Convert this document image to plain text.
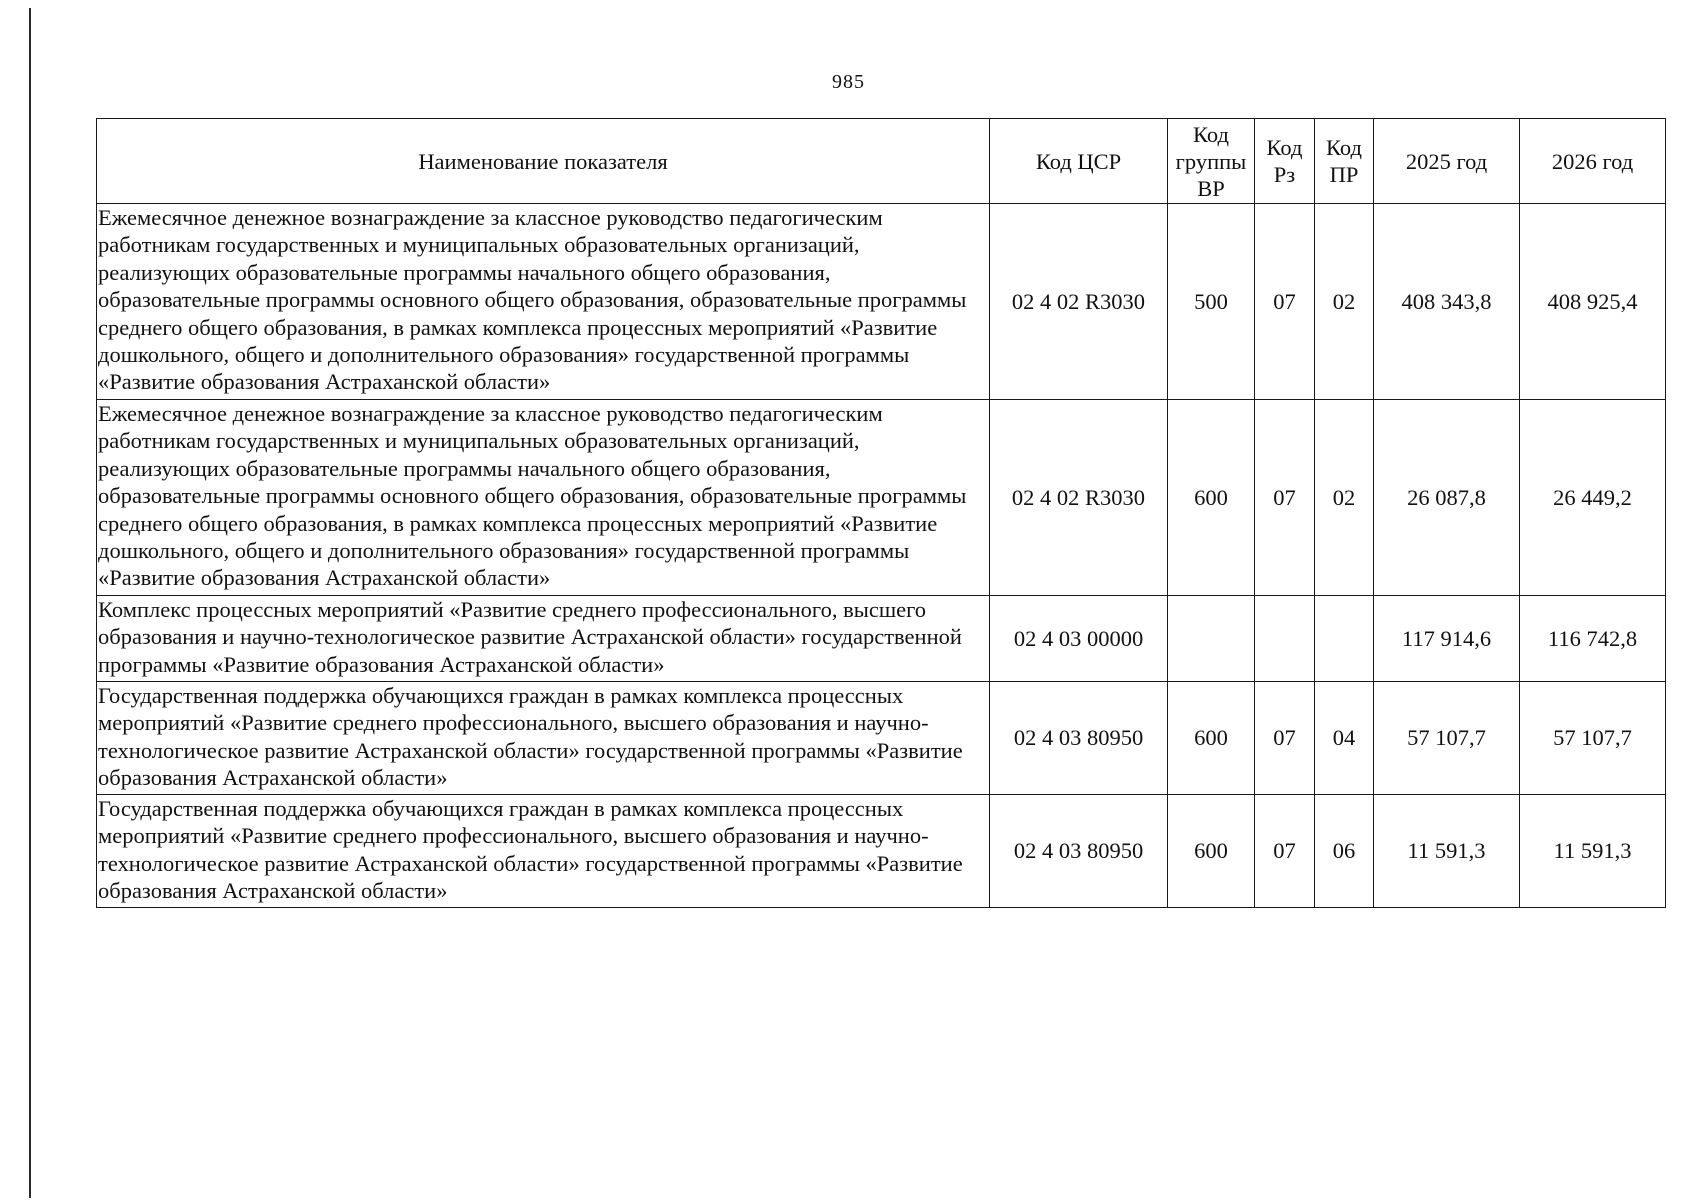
985
Наименование показателя	Код ЦСР	Код группы ВР	Код Рз	Код ПР	2025 год	2026 год
Ежемесячное денежное вознаграждение за классное руководство педагогическим работникам государственных и муниципальных образовательных организаций, реализующих образовательные программы начального общего образования, образовательные программы основного общего образования, образовательные программы среднего общего образования, в рамках комплекса процессных мероприятий «Развитие дошкольного, общего и дополнительного образования» государственной программы «Развитие образования Астраханской области»	02 4 02 R3030	500	07	02	408 343,8	408 925,4
Ежемесячное денежное вознаграждение за классное руководство педагогическим работникам государственных и муниципальных образовательных организаций, реализующих образовательные программы начального общего образования, образовательные программы основного общего образования, образовательные программы среднего общего образования, в рамках комплекса процессных мероприятий «Развитие дошкольного, общего и дополнительного образования» государственной программы «Развитие образования Астраханской области»	02 4 02 R3030	600	07	02	26 087,8	26 449,2
Комплекс процессных мероприятий «Развитие среднего профессионального, высшего образования и научно-технологическое развитие Астраханской области» государственной программы «Развитие образования Астраханской области»	02 4 03 00000				117 914,6	116 742,8
Государственная поддержка обучающихся граждан в рамках комплекса процессных мероприятий «Развитие среднего профессионального, высшего образования и научно-технологическое развитие Астраханской области» государственной программы «Развитие образования Астраханской области»	02 4 03 80950	600	07	04	57 107,7	57 107,7
Государственная поддержка обучающихся граждан в рамках комплекса процессных мероприятий «Развитие среднего профессионального, высшего образования и научно-технологическое развитие Астраханской области» государственной программы «Развитие образования Астраханской области»	02 4 03 80950	600	07	06	11 591,3	11 591,3
